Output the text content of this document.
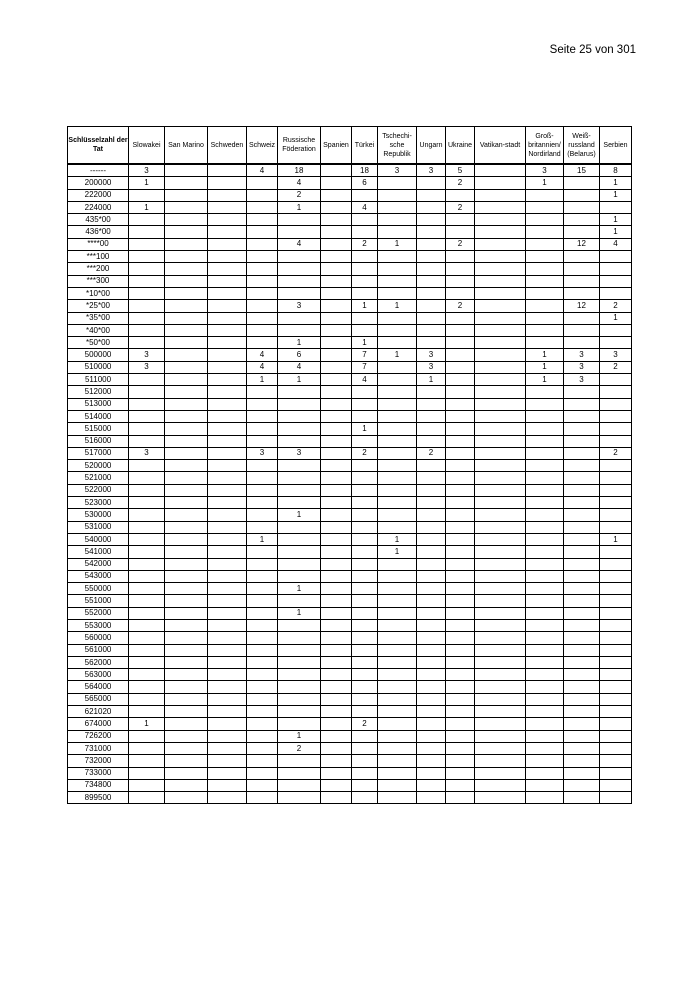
Seite 25 von 301
Schlüsselzahl der Tat	Slowakei	San Marino	Schweden	Schweiz	Russische Föderation	Spanien	Türkei	Tschechi-sche Republik	Ungarn	Ukraine	Vatikan-stadt	Groß-britannien/ Nordirland	Weiß-russland (Belarus)	Serbien
------	3			4	18		18	3	3	5		3	15	8
200000	1				4		6			2		1		1
222000					2									1
224000	1				1		4			2				
435*00														1
436*00														1
****00					4		2	1		2			12	4
***100														
***200														
***300														
*10*00														
*25*00					3		1	1		2			12	2
*35*00														1
*40*00														
*50*00					1		1							
500000	3			4	6		7	1	3			1	3	3
510000	3			4	4		7		3			1	3	2
511000				1	1		4		1			1	3	
512000														
513000														
514000														
515000							1							
516000														
517000	3			3	3		2		2					2
520000														
521000														
522000														
523000														
530000					1									
531000														
540000				1				1						1
541000								1						
542000														
543000														
550000					1									
551000														
552000					1									
553000														
560000														
561000														
562000														
563000														
564000														
565000														
621020														
674000	1						2							
726200					1									
731000					2									
732000														
733000														
734800														
899500														
